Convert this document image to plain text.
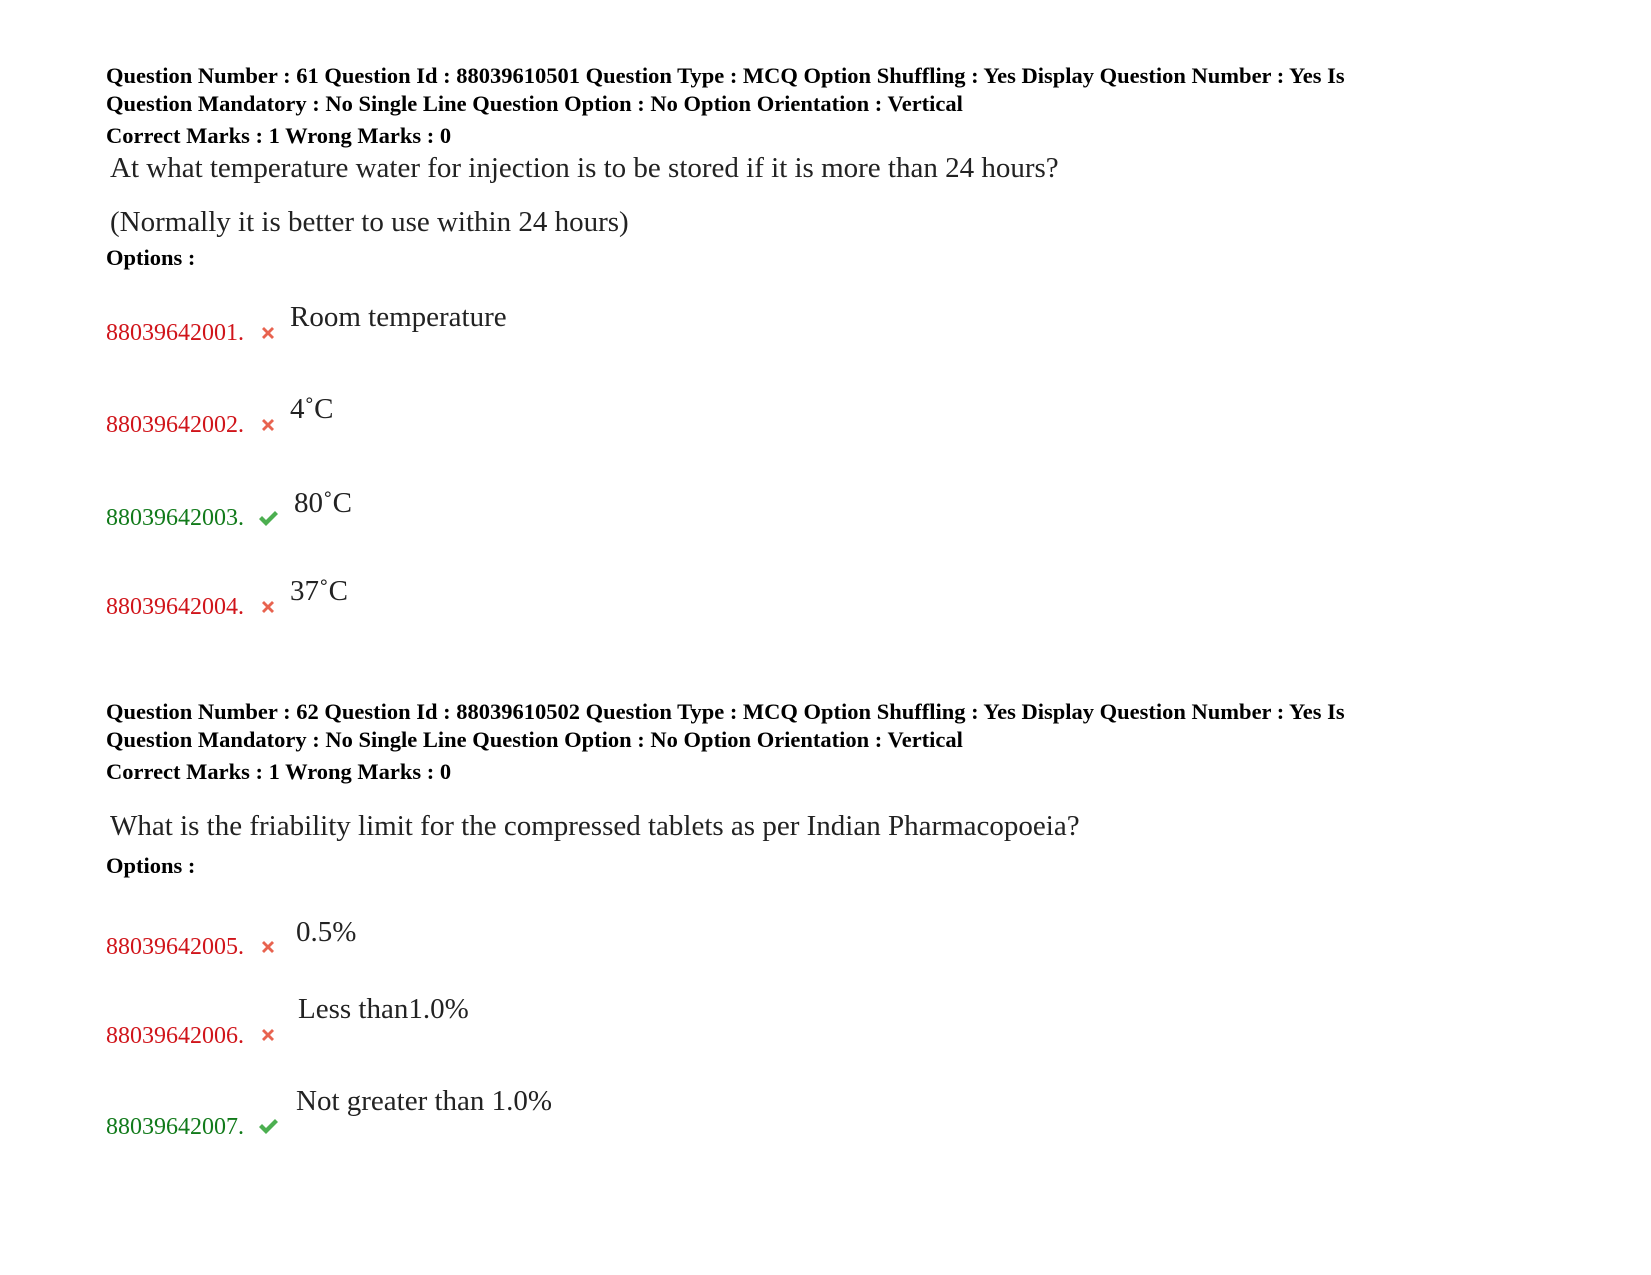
Question Number : 61 Question Id : 88039610501 Question Type : MCQ Option Shuffling : Yes Display Question Number : Yes Is
Question Mandatory : No Single Line Question Option : No Option Orientation : Vertical
Correct Marks : 1 Wrong Marks : 0
At what temperature water for injection is to be stored if it is more than 24 hours?
(Normally it is better to use within 24 hours)
Options :
88039642001. Room temperature
88039642002. 4˚C
88039642003. 80˚C
88039642004. 37˚C
Question Number : 62 Question Id : 88039610502 Question Type : MCQ Option Shuffling : Yes Display Question Number : Yes Is
Question Mandatory : No Single Line Question Option : No Option Orientation : Vertical
Correct Marks : 1 Wrong Marks : 0
What is the friability limit for the compressed tablets as per Indian Pharmacopoeia?
Options :
88039642005. 0.5%
88039642006.
Less than1.0%
88039642007.
Not greater than 1.0%
